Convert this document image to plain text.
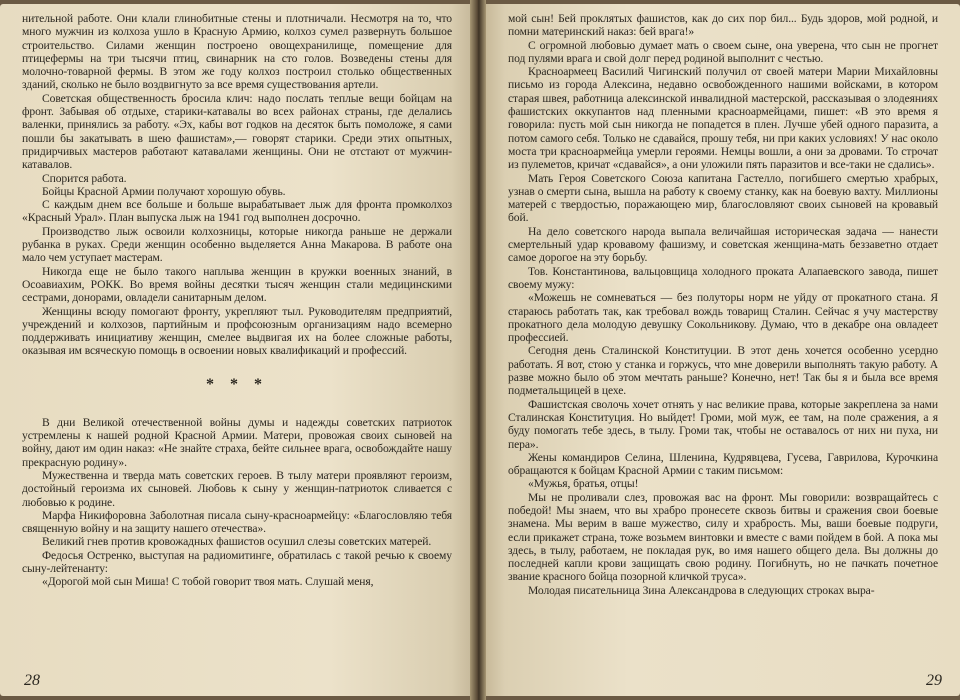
нительной работе. Они клали глинобитные стены и плотничали. Несмотря на то, что много мужчин из колхоза ушло в Красную Армию, колхоз сумел развернуть большое строительство. Силами женщин построено овощехранилище, помещение для птицефермы на три тысячи птиц, свинарник на сто голов. Возведены стены для молочно-товарной фермы. В этом же году колхоз построил столько общественных зданий, сколько не было воздвигнуто за все время существования артели.

Советская общественность бросила клич: надо послать теплые вещи бойцам на фронт. Забывая об отдыхе, старики-катавалы во всех районах страны, где делались валенки, принялись за работу. «Эх, кабы вот годков на десяток быть помоложе, я сами пошли бы закатывать в шею фашистам»,— говорят старики. Среди этих опытных, придирчивых мастеров работают катавалами женщины. Они не отстают от мужчин-катавалов.

Спорится работа.

Бойцы Красной Армии получают хорошую обувь.

С каждым днем все больше и больше вырабатывает лыж для фронта промколхоз «Красный Урал». План выпуска лыж на 1941 год выполнен досрочно.

Производство лыж освоили колхозницы, которые никогда раньше не держали рубанка в руках. Среди женщин особенно выделяется Анна Макарова. В работе она мало чем уступает мастерам.

Никогда еще не было такого наплыва женщин в кружки военных знаний, в Осоавиахим, РОКК. Во время войны десятки тысяч женщин стали медицинскими сестрами, донорами, овладели санитарным делом.

Женщины всюду помогают фронту, укрепляют тыл. Руководителям предприятий, учреждений и колхозов, партийным и профсоюзным организациям надо всемерно поддерживать инициативу женщин, смелее выдвигая их на более сложные работы, оказывая им всяческую помощь в освоении новых квалификаций и профессий.

* * *

В дни Великой отечественной войны думы и надежды советских патриоток устремлены к нашей родной Красной Армии. Матери, провожая своих сыновей на войну, дают им один наказ: «Не знайте страха, бейте сильнее врага, освобождайте нашу прекрасную родину».

Мужественна и тверда мать советских героев. В тылу матери проявляют героизм, достойный героизма их сыновей. Любовь к сыну у женщин-патриоток сливается с любовью к родине.

Марфа Никифоровна Заболотная писала сыну-красноармейцу: «Благословляю тебя священную войну и на защиту нашего отечества».

Великий гнев против кровожадных фашистов осушил слезы советских матерей.

Федосья Остренко, выступая на радиомитинге, обратилась с такой речью к своему сыну-лейтенанту:

«Дорогой мой сын Миша! С тобой говорит твоя мать. Слушай меня,

28

мой сын! Бей проклятых фашистов, как до сих пор бил... Будь здоров, мой родной, и помни материнский наказ: бей врага!»

С огромной любовью думает мать о своем сыне, она уверена, что сын не прогнет под пулями врага и свой долг перед родиной выполнит с честью.

Красноармеец Василий Чигинский получил от своей матери Марии Михайловны письмо из города Алексина, недавно освобожденного нашими войсками, в котором старая швея, работница алексинской инвалидной мастерской, рассказывая о злодеяниях фашистских оккупантов над пленными красноармейцами, пишет: «В это время я говорила: пусть мой сын никогда не попадется в плен. Лучше убей одного паразита, а потом самого себя. Только не сдавайся, прошу тебя, ни при каких условиях! У нас около моста три красноармейца умерли героями. Немцы вошли, а они за дровами. То строчат из пулеметов, кричат «сдавайся», а они уложили пять паразитов и все-таки не сдались».

Мать Героя Советского Союза капитана Гастелло, погибшего смертью храбрых, узнав о смерти сына, вышла на работу к своему станку, как на боевую вахту. Миллионы матерей с твердостью, поражающею мир, благословляют своих сыновей на кровавый бой.

На дело советского народа выпала величайшая историческая задача — нанести смертельный удар кровавому фашизму, и советская женщина-мать беззаветно отдает самое дорогое на эту борьбу.

Тов. Константинова, вальцовщица холодного проката Алапаевского завода, пишет своему мужу:

«Можешь не сомневаться — без полуторы норм не уйду от прокатного стана. Я стараюсь работать так, как требовал вождь товарищ Сталин. Сейчас я учу мастерству прокатного дела молодую девушку Сокольникову. Думаю, что в декабре она овладеет профессией.

Сегодня день Сталинской Конституции. В этот день хочется особенно усердно работать. Я вот, стою у станка и горжусь, что мне доверили выполнять такую работу. А разве можно было об этом мечтать раньше? Конечно, нет! Так бы я и была все время подметальщицей в цехе.

Фашистская сволочь хочет отнять у нас великие права, которые закреплена за нами Сталинская Конституция. Но выйдет! Громи, мой муж, ее там, на поле сражения, а я буду помогать тебе здесь, в тылу. Громи так, чтобы не оставалось от них ни пуха, ни пера».

Жены командиров Селина, Шленина, Кудрявцева, Гусева, Гаврилова, Курочкина обращаются к бойцам Красной Армии с таким письмом:

«Мужья, братья, отцы!

Мы не проливали слез, провожая вас на фронт. Мы говорили: возвращайтесь с победой! Мы знаем, что вы храбро пронесете сквозь битвы и сражения свои боевые знамена. Мы верим в ваше мужество, силу и храбрость. Мы, ваши боевые подруги, если прикажет страна, тоже возьмем винтовки и вместе с вами пойдем в бой. А пока мы здесь, в тылу, работаем, не покладая рук, во имя нашего общего дела. Вы должны до последней капли крови защищать свою родину. Погибнуть, но не пачкать почетное звание красного бойца позорной кличкой труса».

Молодая писательница Зина Александрова в следующих строках выра-

29
